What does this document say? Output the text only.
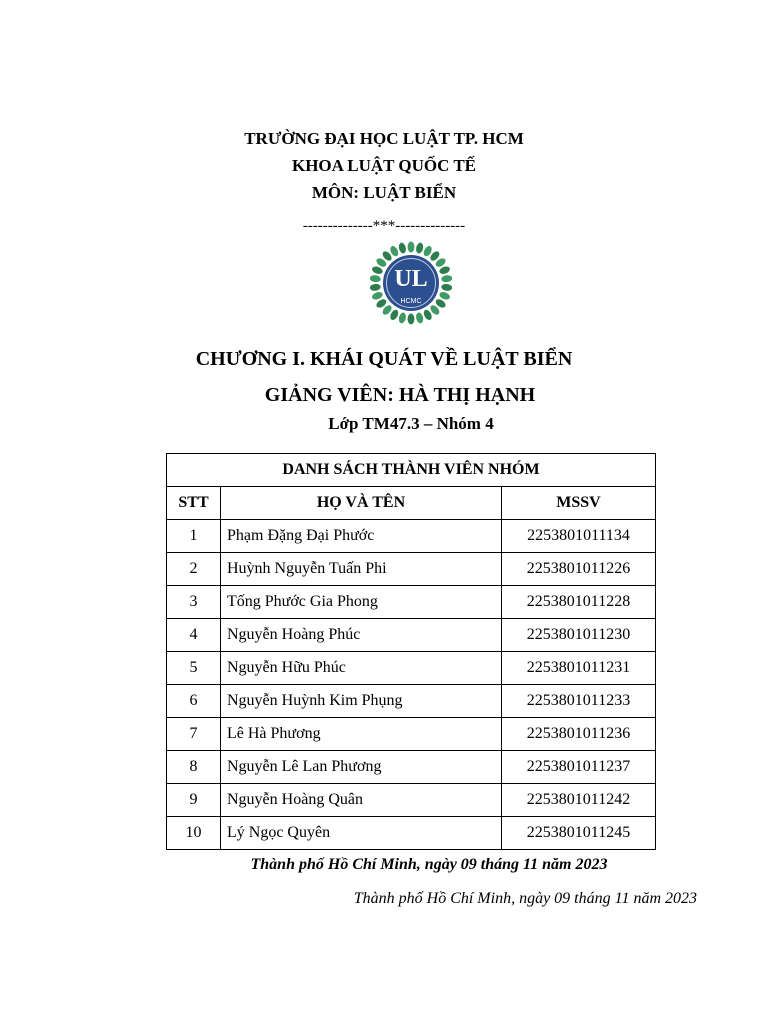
TRƯỜNG ĐẠI HỌC LUẬT TP. HCM
KHOA LUẬT QUỐC TẾ
MÔN: LUẬT BIỂN
--------------***--------------
UL
HCMC
CHƯƠNG I. KHÁI QUÁT VỀ LUẬT BIỂN
GIẢNG VIÊN: HÀ THỊ HẠNH
Lớp TM47.3 – Nhóm 4
DANH SÁCH THÀNH VIÊN NHÓM		
STT	HỌ VÀ TÊN	MSSV
1	Phạm Đặng Đại Phước	2253801011134
2	Huỳnh Nguyễn Tuấn Phi	2253801011226
3	Tống Phước Gia Phong	2253801011228
4	Nguyễn Hoàng Phúc	2253801011230
5	Nguyễn Hữu Phúc	2253801011231
6	Nguyễn Huỳnh Kim Phụng	2253801011233
7	Lê Hà Phương	2253801011236
8	Nguyễn Lê Lan Phương	2253801011237
9	Nguyễn Hoàng Quân	2253801011242
10	Lý Ngọc Quyên	2253801011245
Thành phố Hồ Chí Minh, ngày 09 tháng 11 năm 2023
Thành phố Hồ Chí Minh, ngày 09 tháng 11 năm 2023
